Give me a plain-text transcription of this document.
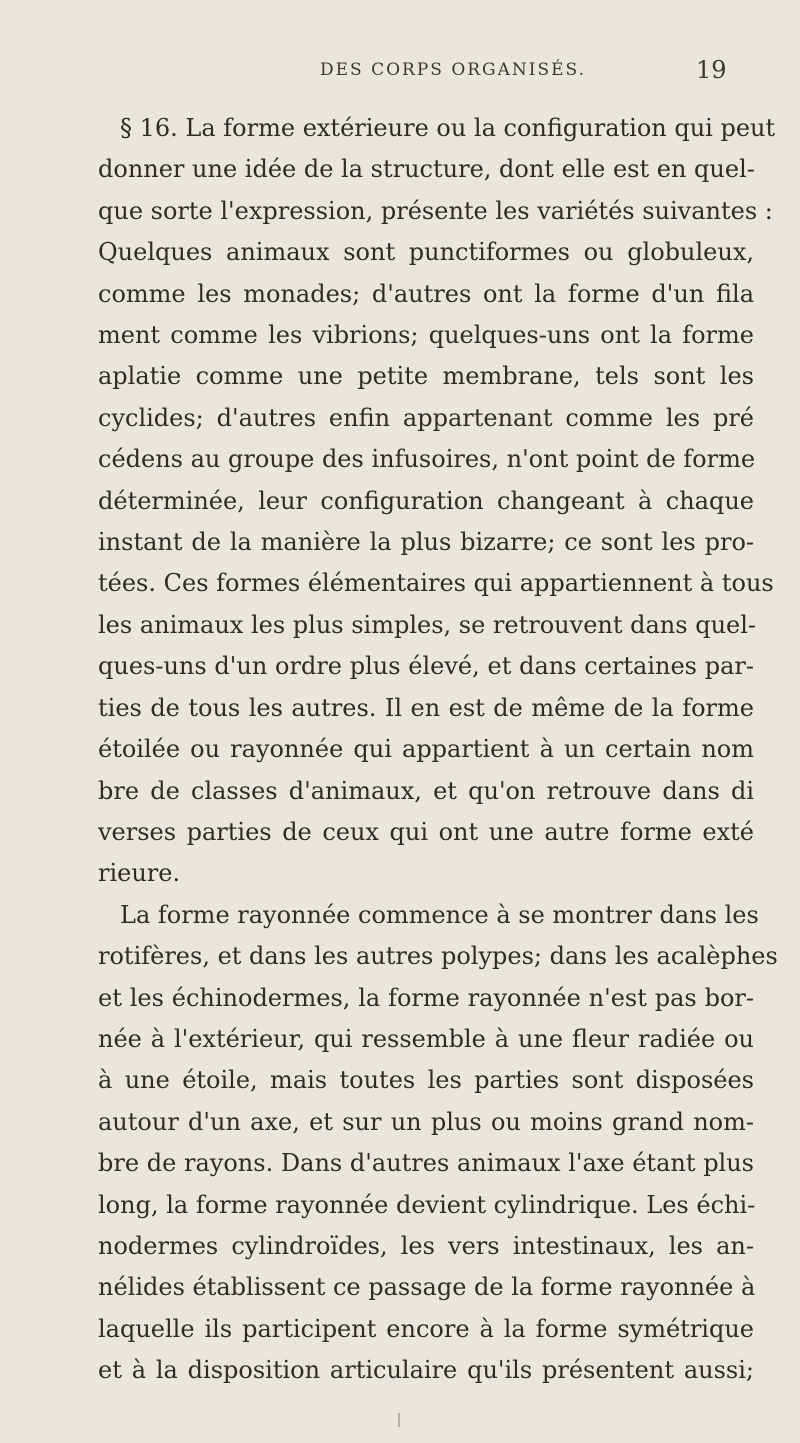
DES CORPS ORGANISÉS.	19
§ 16. La forme extérieure ou la configuration qui peut
donner une idée de la structure, dont elle est en quel-
que sorte l'expression, présente les variétés suivantes :
Quelques animaux sont punctiformes ou globuleux,
comme les monades; d'autres ont la forme d'un fila
ment comme les vibrions; quelques-uns ont la forme
aplatie comme une petite membrane, tels sont les
cyclides; d'autres enfin appartenant comme les pré
cédens au groupe des infusoires, n'ont point de forme
déterminée, leur configuration changeant à chaque
instant de la manière la plus bizarre; ce sont les pro-
tées. Ces formes élémentaires qui appartiennent à tous
les animaux les plus simples, se retrouvent dans quel-
ques-uns d'un ordre plus élevé, et dans certaines par-
ties de tous les autres. Il en est de même de la forme
étoilée ou rayonnée qui appartient à un certain nom
bre de classes d'animaux, et qu'on retrouve dans di
verses parties de ceux qui ont une autre forme exté
rieure.
La forme rayonnée commence à se montrer dans les
rotifères, et dans les autres polypes; dans les acalèphes
et les échinodermes, la forme rayonnée n'est pas bor-
née à l'extérieur, qui ressemble à une fleur radiée ou
à une étoile, mais toutes les parties sont disposées
autour d'un axe, et sur un plus ou moins grand nom-
bre de rayons. Dans d'autres animaux l'axe étant plus
long, la forme rayonnée devient cylindrique. Les échi-
nodermes cylindroïdes, les vers intestinaux, les an-
nélides établissent ce passage de la forme rayonnée à
laquelle ils participent encore à la forme symétrique
et à la disposition articulaire qu'ils présentent aussi;
